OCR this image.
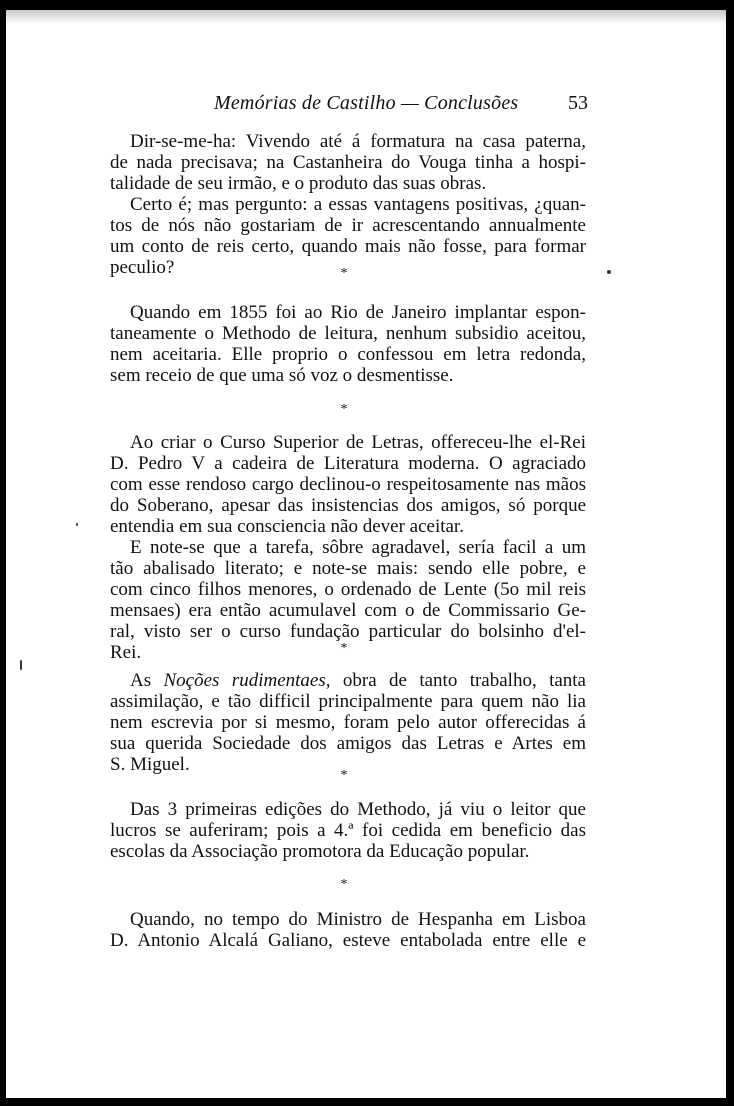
Memórias de Castilho — Conclusões 53
Dir-se-me-ha: Vivendo até á formatura na casa paterna,
de nada precisava; na Castanheira do Vouga tinha a hospi-
talidade de seu irmão, e o produto das suas obras.
Certo é; mas pergunto: a essas vantagens positivas, ¿quan-
tos de nós não gostariam de ir acrescentando annualmente
um conto de reis certo, quando mais não fosse, para formar
peculio?	*
Quando em 1855 foi ao Rio de Janeiro implantar espon-
taneamente o Methodo de leitura, nenhum subsidio aceitou,
nem aceitaria. Elle proprio o confessou em letra redonda,
sem receio de que uma só voz o desmentisse.
*
Ao criar o Curso Superior de Letras, offereceu-lhe el-Rei
D. Pedro V a cadeira de Literatura moderna. O agraciado
com esse rendoso cargo declinou-o respeitosamente nas mãos
do Soberano, apesar das insistencias dos amigos, só porque
entendia em sua consciencia não dever aceitar.
E note-se que a tarefa, sôbre agradavel, sería facil a um
tão abalisado literato; e note-se mais: sendo elle pobre, e
com cinco filhos menores, o ordenado de Lente (5o mil reis
mensaes) era então acumulavel com o de Commissario Ge-
ral, visto ser o curso fundação particular do bolsinho d'el-
Rei.	*
As Noções rudimentaes, obra de tanto trabalho, tanta
assimilação, e tão difficil principalmente para quem não lia
nem escrevia por si mesmo, foram pelo autor offerecidas á
sua querida Sociedade dos amigos das Letras e Artes em
S. Miguel.
*
Das 3 primeiras edições do Methodo, já viu o leitor que
lucros se auferiram; pois a 4.ª foi cedida em beneficio das
escolas da Associação promotora da Educação popular.
*
Quando, no tempo do Ministro de Hespanha em Lisboa
D. Antonio Alcalá Galiano, esteve entabolada entre elle e
